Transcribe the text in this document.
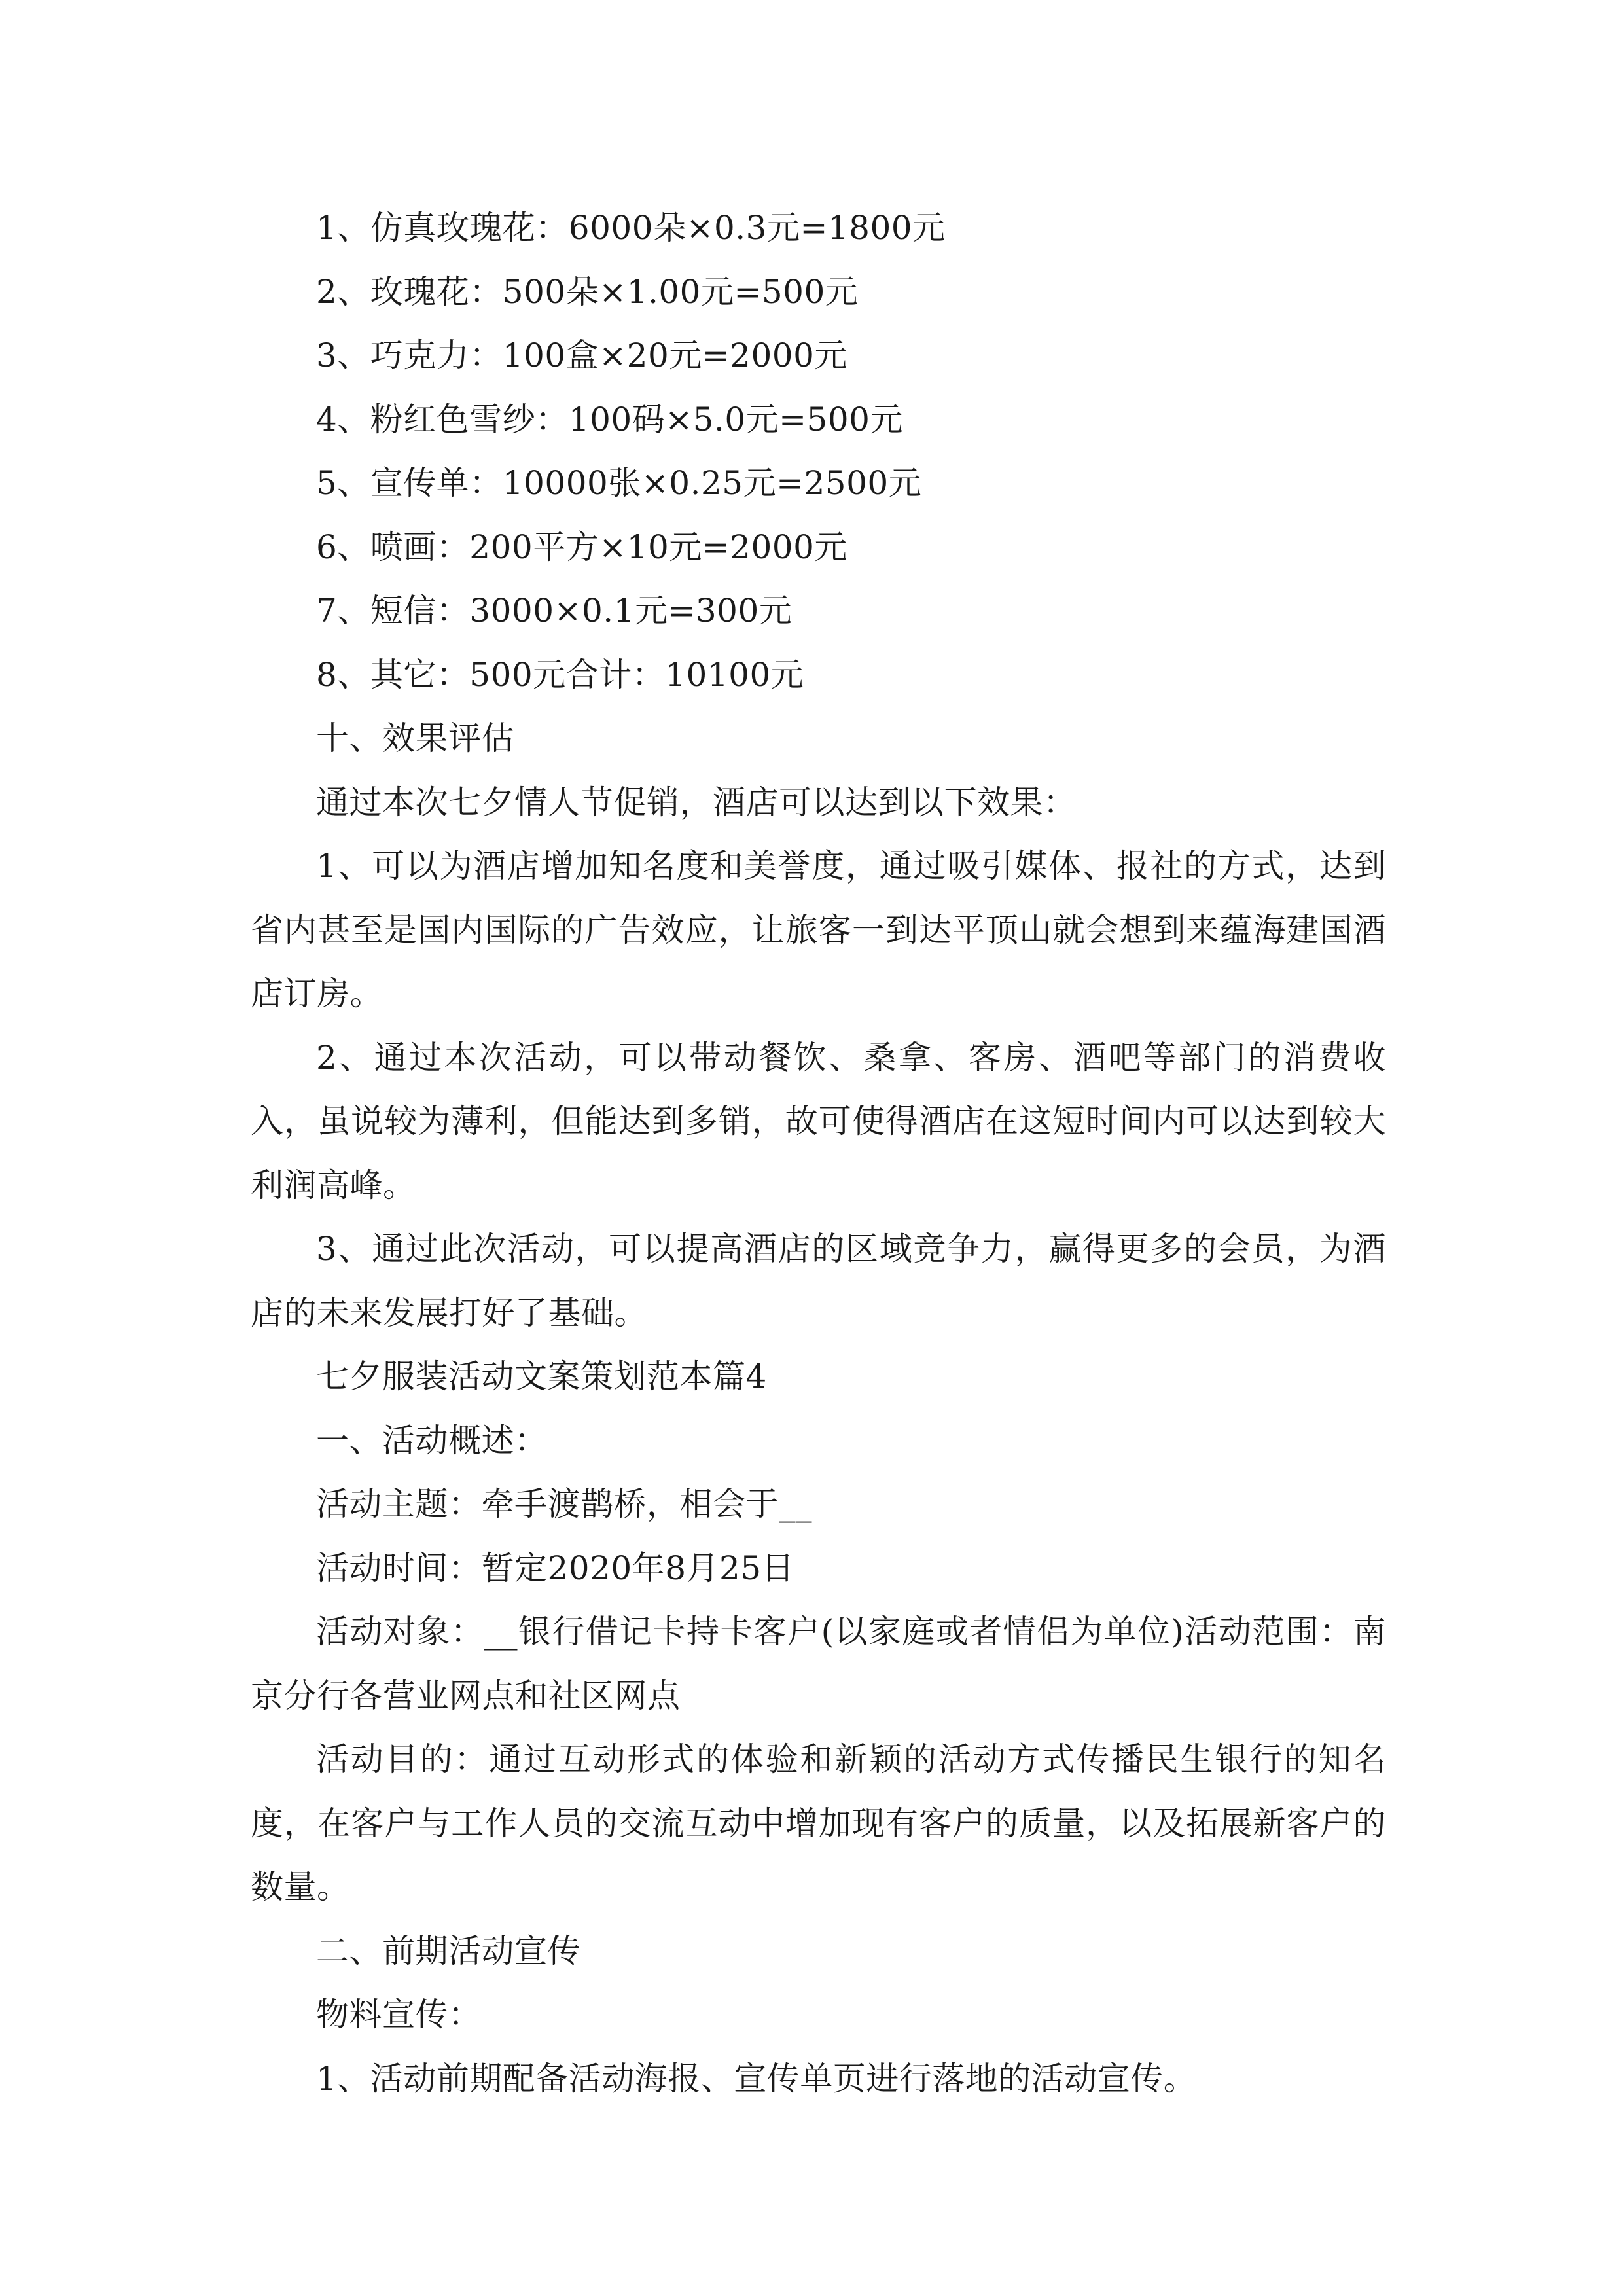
1、仿真玫瑰花：6000朵×0.3元=1800元

2、玫瑰花：500朵×1.00元=500元

3、巧克力：100盒×20元=2000元

4、粉红色雪纱：100码×5.0元=500元

5、宣传单：10000张×0.25元=2500元

6、喷画：200平方×10元=2000元

7、短信：3000×0.1元=300元

8、其它：500元合计：10100元

十、效果评估

通过本次七夕情人节促销，酒店可以达到以下效果：

1、可以为酒店增加知名度和美誉度，通过吸引媒体、报社的方式，达到省内甚至是国内国际的广告效应，让旅客一到达平顶山就会想到来蕴海建国酒店订房。

2、通过本次活动，可以带动餐饮、桑拿、客房、酒吧等部门的消费收入，虽说较为薄利，但能达到多销，故可使得酒店在这短时间内可以达到较大利润高峰。

3、通过此次活动，可以提高酒店的区域竞争力，赢得更多的会员，为酒店的未来发展打好了基础。

七夕服装活动文案策划范本篇4

一、活动概述：

活动主题：牵手渡鹊桥，相会于__

活动时间：暂定2020年8月25日

活动对象：__银行借记卡持卡客户(以家庭或者情侣为单位)活动范围：南京分行各营业网点和社区网点

活动目的：通过互动形式的体验和新颖的活动方式传播民生银行的知名度，在客户与工作人员的交流互动中增加现有客户的质量，以及拓展新客户的数量。

二、前期活动宣传

物料宣传：

1、活动前期配备活动海报、宣传单页进行落地的活动宣传。
